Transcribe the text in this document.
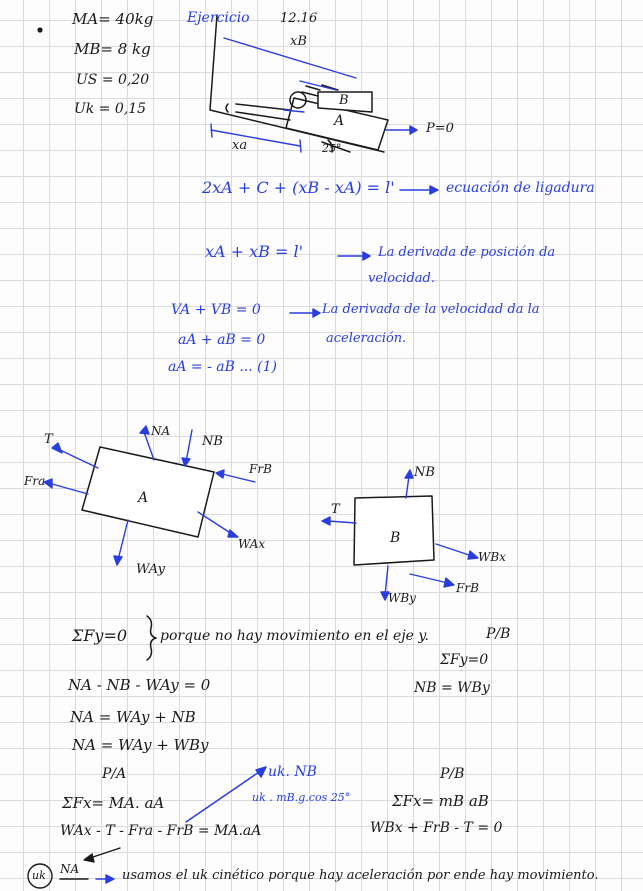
MA= 40kg
MB= 8 kg
US = 0,20
Uk = 0,15
Ejercicio 12.16
xB
B
A	P=0
xa	25°
2xA + C + (xB - xA) = l'	ecuación de ligadura
xA + xB = l'	La derivada de posición da
velocidad.
VA + VB = 0	La derivada de la velocidad da la
aceleración.
aA + aB = 0
aA = - aB ... (1)
T
Fra
NA
NB
FrB
A
WAx
WAy
NB
T
B
WBx
FrB
WBy
ΣFy=0 porque no hay movimiento en el eje y.	P/B
ΣFy=0
NB = WBy
NA - NB - WAy = 0
NA = WAy + NB
NA = WAy + WBy
P/A	P/B
uk. NB
uk . mB.g.cos 25°
ΣFx= MA. aA	ΣFx= mB aB
WAx - T - Fra - FrB = MA.aA	WBx + FrB - T = 0
uk NA	usamos el uk cinético porque hay aceleración por ende hay movimiento.
